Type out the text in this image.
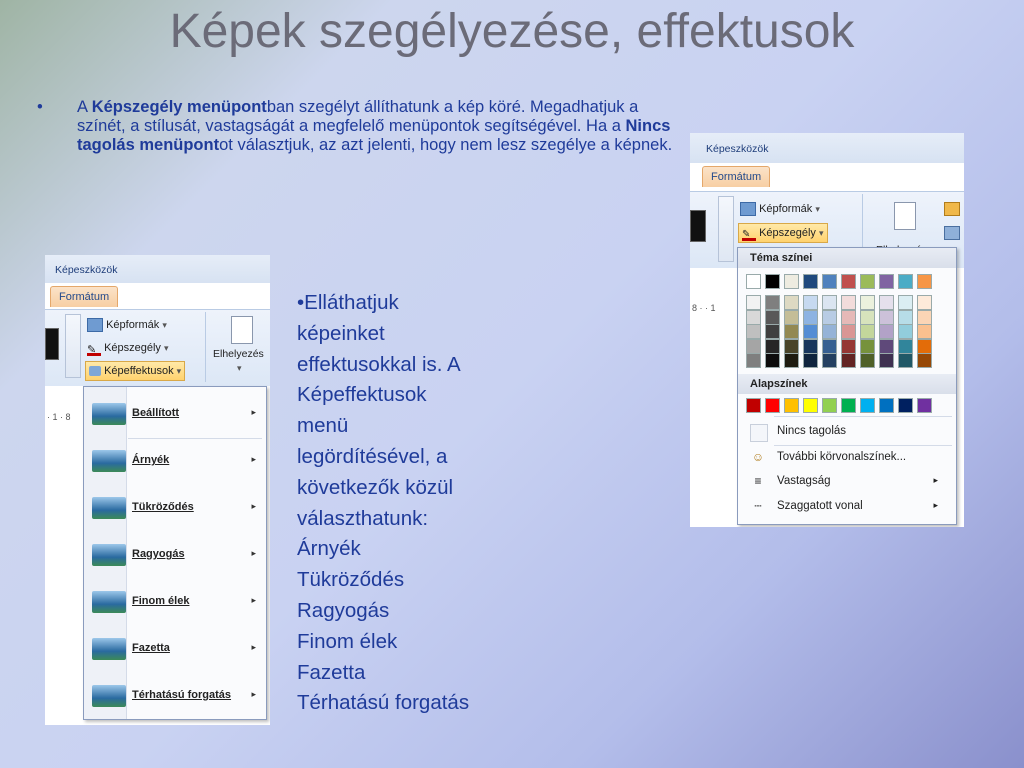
Képek szegélyezése, effektusok
• A Képszegély menüpontban szegélyt állíthatunk a kép köré. Megadhatjuk a színét, a stílusát, vastagságát a megfelelő menüpontok segítségével. Ha a Nincs tagolás menüpontot választjuk, az azt jelenti, hogy nem lesz szegélye a képnek.
•Elláthatjuk
képeinket
effektusokkal is. A
Képeffektusok
menü
legördítésével, a
következők közül
választhatunk:
Árnyék
Tükröződés
Ragyogás
Finom élek
Fazetta
Térhatású forgatás
Képeszközök
Formátum
Képformák ▾
✎ Képszegély ▾
Képeffektusok ▾
Elhelyezés
▾
· 1 · 8	Beállított	▸
Árnyék	▸
Tükröződés	▸
Ragyogás	▸
Finom élek	▸
Fazetta	▸
Térhatású forgatás ▸
Képeszközök
Formátum
Képformák ▾
✎ Képszegély ▾
8 · · 1
Téma színei
Alapszínek
Nincs tagolás
☺ További körvonalszínek...
≡	Vastagság	▸
┄	Szaggatott vonal	▸
